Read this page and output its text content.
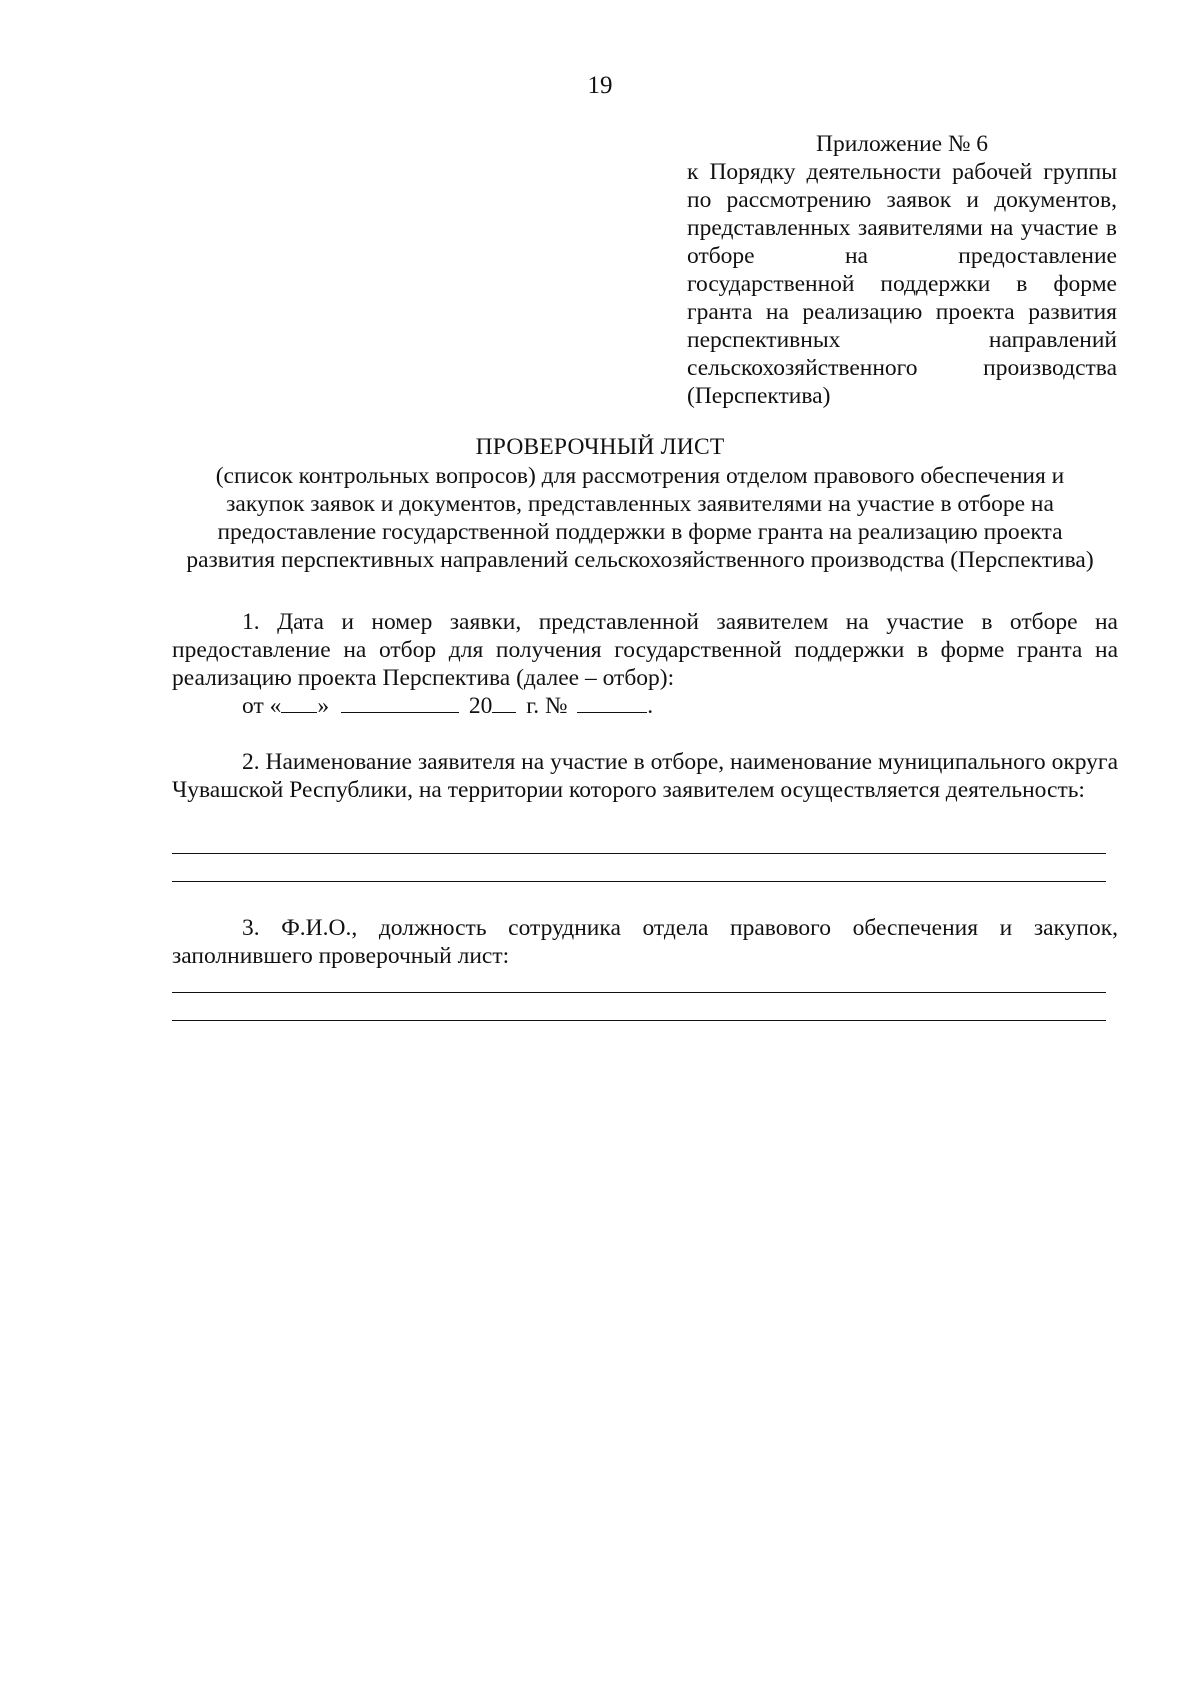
19
Приложение № 6

к Порядку деятельности рабочей группы по рассмотрению заявок и документов, представленных заявителями на участие в отборе на предоставление государственной поддержки в форме гранта на реализацию проекта развития перспективных направлений сельскохозяйственного производства (Перспектива)

ПРОВЕРОЧНЫЙ ЛИСТ
(список контрольных вопросов) для рассмотрения отделом правового обеспечения и
закупок заявок и документов, представленных заявителями на участие в отборе на
предоставление государственной поддержки в форме гранта на реализацию проекта
развития перспективных направлений сельскохозяйственного производства (Перспектива)

1. Дата и номер заявки, представленной заявителем на участие в отборе на предоставление на отбор для получения государственной поддержки в форме гранта на реализацию проекта Перспектива (далее – отбор):

от « »	20 г. №	.

2. Наименование заявителя на участие в отборе, наименование муниципального округа Чувашской Республики, на территории которого заявителем осуществляется деятельность:

3. Ф.И.О., должность сотрудника отдела правового обеспечения и закупок, заполнившего проверочный лист:
